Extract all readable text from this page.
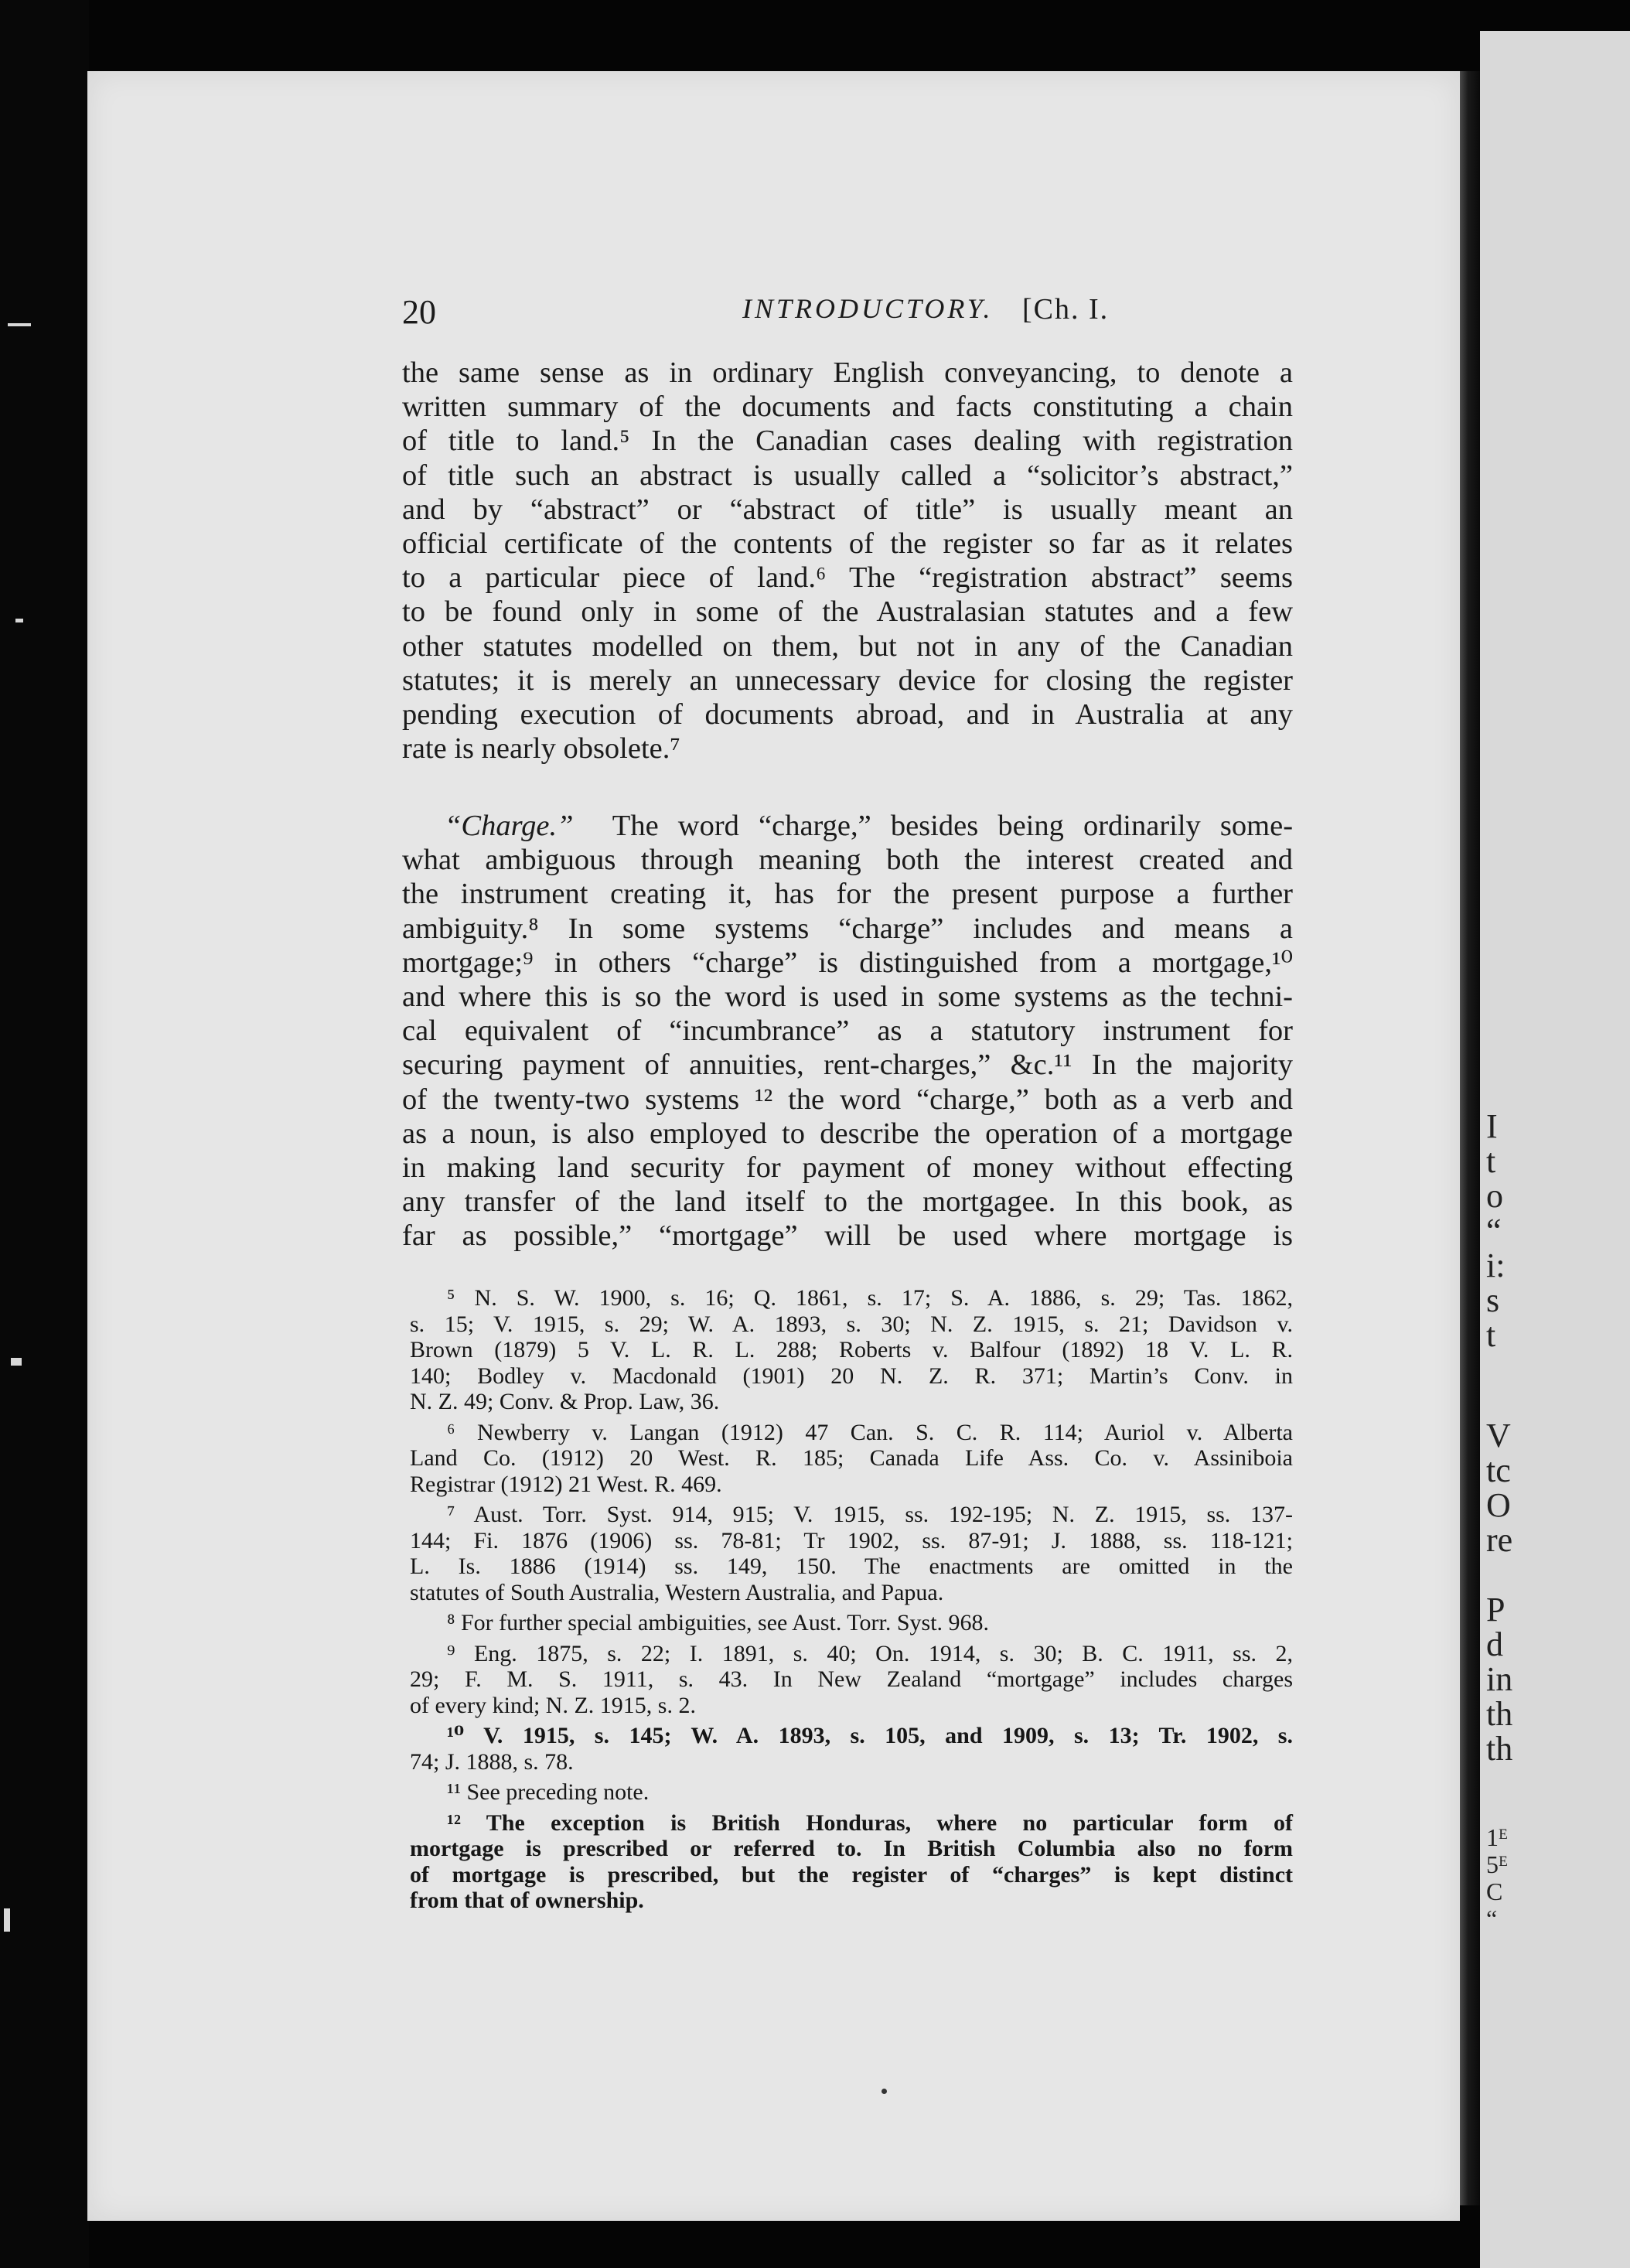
I
t
o
“
i:
s
t
V
tc
O
re
P
d
in
th
th
1ᴱ
5ᴱ
C
“
20	INTRODUCTORY. [Ch. I.
the same sense as in ordinary English conveyancing, to denote a
written summary of the documents and facts constituting a chain
of title to land.⁵ In the Canadian cases dealing with registration
of title such an abstract is usually called a “solicitor’s abstract,”
and by “abstract” or “abstract of title” is usually meant an
official certificate of the contents of the register so far as it relates
to a particular piece of land.⁶ The “registration abstract” seems
to be found only in some of the Australasian statutes and a few
other statutes modelled on them, but not in any of the Canadian
statutes; it is merely an unnecessary device for closing the register
pending execution of documents abroad, and in Australia at any
rate is nearly obsolete.⁷
“Charge.” The word “charge,” besides being ordinarily some-
what ambiguous through meaning both the interest created and
the instrument creating it, has for the present purpose a further
ambiguity.⁸ In some systems “charge” includes and means a
mortgage;⁹ in others “charge” is distinguished from a mortgage,¹⁰
and where this is so the word is used in some systems as the techni-
cal equivalent of “incumbrance” as a statutory instrument for
securing payment of annuities, rent-charges,” &c.¹¹ In the majority
of the twenty-two systems ¹² the word “charge,” both as a verb and
as a noun, is also employed to describe the operation of a mortgage
in making land security for payment of money without effecting
any transfer of the land itself to the mortgagee. In this book, as
far as possible,” “mortgage” will be used where mortgage is
⁵ N. S. W. 1900, s. 16; Q. 1861, s. 17; S. A. 1886, s. 29; Tas. 1862,
s. 15; V. 1915, s. 29; W. A. 1893, s. 30; N. Z. 1915, s. 21; Davidson v.
Brown (1879) 5 V. L. R. L. 288; Roberts v. Balfour (1892) 18 V. L. R.
140; Bodley v. Macdonald (1901) 20 N. Z. R. 371; Martin’s Conv. in
N. Z. 49; Conv. & Prop. Law, 36.
⁶ Newberry v. Langan (1912) 47 Can. S. C. R. 114; Auriol v. Alberta
Land Co. (1912) 20 West. R. 185; Canada Life Ass. Co. v. Assiniboia
Registrar (1912) 21 West. R. 469.
⁷ Aust. Torr. Syst. 914, 915; V. 1915, ss. 192-195; N. Z. 1915, ss. 137-
144; Fi. 1876 (1906) ss. 78-81; Tr 1902, ss. 87-91; J. 1888, ss. 118-121;
L. Is. 1886 (1914) ss. 149, 150. The enactments are omitted in the
statutes of South Australia, Western Australia, and Papua.
⁸ For further special ambiguities, see Aust. Torr. Syst. 968.
⁹ Eng. 1875, s. 22; I. 1891, s. 40; On. 1914, s. 30; B. C. 1911, ss. 2,
29; F. M. S. 1911, s. 43. In New Zealand “mortgage” includes charges
of every kind; N. Z. 1915, s. 2.
¹⁰ V. 1915, s. 145; W. A. 1893, s. 105, and 1909, s. 13; Tr. 1902, s.
74; J. 1888, s. 78.
¹¹ See preceding note.
¹² The exception is British Honduras, where no particular form of
mortgage is prescribed or referred to. In British Columbia also no form
of mortgage is prescribed, but the register of “charges” is kept distinct
from that of ownership.
